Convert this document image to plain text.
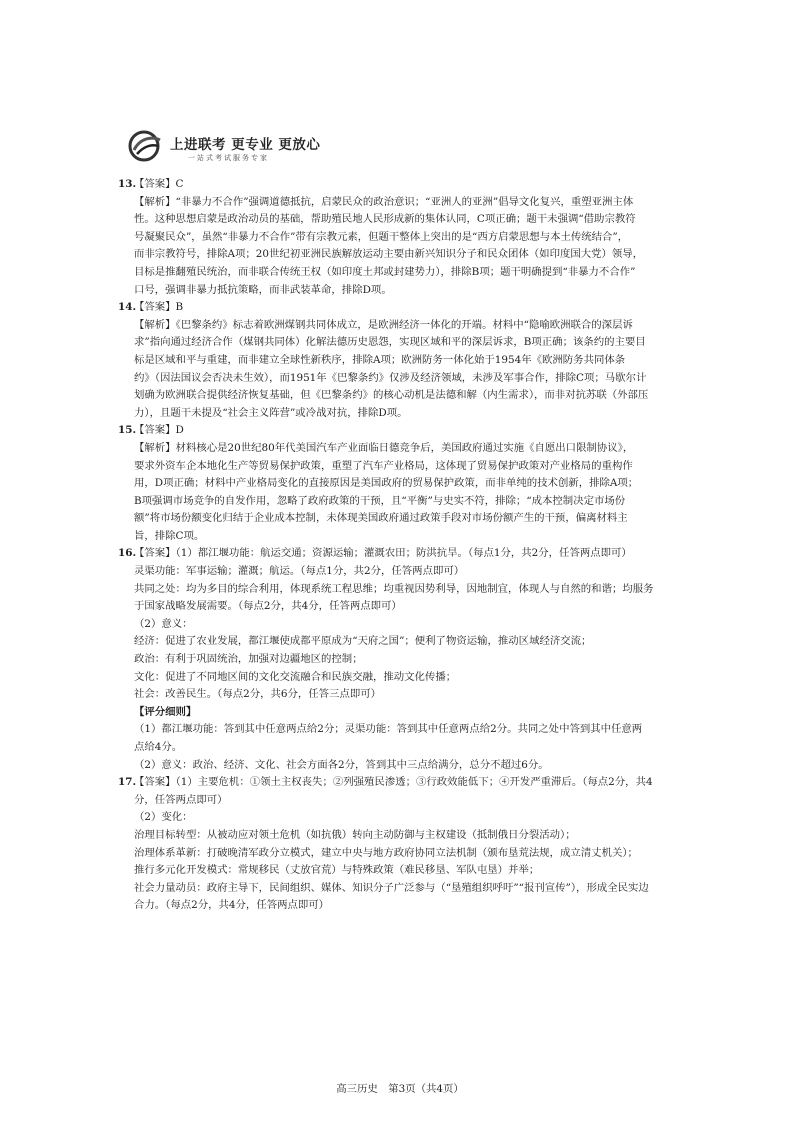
上进联考 更专业 更放心
一站式考试服务专家
13.【答案】C
【解析】“非暴力不合作”强调道德抵抗，启蒙民众的政治意识；“亚洲人的亚洲”倡导文化复兴，重塑亚洲主体
性。这种思想启蒙是政治动员的基础，帮助殖民地人民形成新的集体认同，C项正确；题干未强调“借助宗教符
号凝聚民众”，虽然“非暴力不合作”带有宗教元素，但题干整体上突出的是“西方启蒙思想与本土传统结合”，
而非宗教符号，排除A项；20世纪初亚洲民族解放运动主要由新兴知识分子和民众团体（如印度国大党）领导，
目标是推翻殖民统治，而非联合传统王权（如印度土邦或封建势力），排除B项；题干明确提到“非暴力不合作”
口号，强调非暴力抵抗策略，而非武装革命，排除D项。
14.【答案】B
【解析】《巴黎条约》标志着欧洲煤钢共同体成立，是欧洲经济一体化的开端。材料中“隐喻欧洲联合的深层诉
求”指向通过经济合作（煤钢共同体）化解法德历史恩怨，实现区域和平的深层诉求，B项正确；该条约的主要目
标是区域和平与重建，而非建立全球性新秩序，排除A项；欧洲防务一体化始于1954年《欧洲防务共同体条
约》（因法国议会否决未生效），而1951年《巴黎条约》仅涉及经济领域，未涉及军事合作，排除C项；马歇尔计
划确为欧洲联合提供经济恢复基础，但《巴黎条约》的核心动机是法德和解（内生需求），而非对抗苏联（外部压
力），且题干未提及“社会主义阵营”或冷战对抗，排除D项。
15.【答案】D
【解析】材料核心是20世纪80年代美国汽车产业面临日德竞争后，美国政府通过实施《自愿出口限制协议》，
要求外资车企本地化生产等贸易保护政策，重塑了汽车产业格局，这体现了贸易保护政策对产业格局的重构作
用，D项正确；材料中产业格局变化的直接原因是美国政府的贸易保护政策，而非单纯的技术创新，排除A项；
B项强调市场竞争的自发作用，忽略了政府政策的干预，且“平衡”与史实不符，排除；“成本控制决定市场份
额”将市场份额变化归结于企业成本控制，未体现美国政府通过政策手段对市场份额产生的干预，偏离材料主
旨，排除C项。
16.【答案】（1）都江堰功能：航运交通；资源运输；灌溉农田；防洪抗旱。（每点1分，共2分，任答两点即可）
灵渠功能：军事运输；灌溉；航运。（每点1分，共2分，任答两点即可）
共同之处：均为多目的综合利用，体现系统工程思维；均重视因势利导，因地制宜，体现人与自然的和谐；均服务
于国家战略发展需要。（每点2分，共4分，任答两点即可）
（2）意义：
经济：促进了农业发展，都江堰使成都平原成为“天府之国”；便利了物资运输，推动区域经济交流；
政治：有利于巩固统治，加强对边疆地区的控制；
文化：促进了不同地区间的文化交流融合和民族交融，推动文化传播；
社会：改善民生。（每点2分，共6分，任答三点即可）
【评分细则】
（1）都江堰功能：答到其中任意两点给2分；灵渠功能：答到其中任意两点给2分。共同之处中答到其中任意两
点给4分。
（2）意义：政治、经济、文化、社会方面各2分，答到其中三点给满分，总分不超过6分。
17.【答案】（1）主要危机：①领土主权丧失；②列强殖民渗透；③行政效能低下；④开发严重滞后。（每点2分，共4
分，任答两点即可）
（2）变化：
治理目标转型：从被动应对领土危机（如抗俄）转向主动防御与主权建设（抵制俄日分裂活动）；
治理体系革新：打破晚清军政分立模式，建立中央与地方政府协同立法机制（颁布垦荒法规，成立清丈机关）；
推行多元化开发模式：常规移民（丈放官荒）与特殊政策（难民移垦、军队屯垦）并举；
社会力量动员：政府主导下，民间组织、媒体、知识分子广泛参与（“垦殖组织呼吁”“报刊宣传”），形成全民实边
合力。（每点2分，共4分，任答两点即可）
高三历史　第3页（共4页）
